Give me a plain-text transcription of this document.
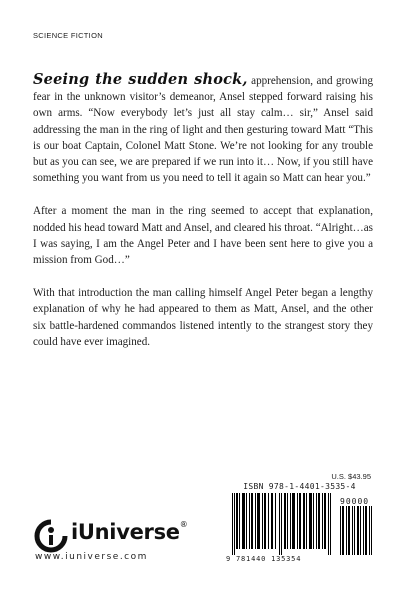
SCIENCE FICTION

Seeing the sudden shock, apprehension, and growing fear in the unknown visitor’s demeanor, Ansel stepped forward raising his own arms. “Now everybody let’s just all stay calm… sir,” Ansel said addressing the man in the ring of light and then gesturing toward Matt “This is our boat Captain, Colonel Matt Stone. We’re not looking for any trouble but as you can see, we are prepared if we run into it… Now, if you still have something you want from us you need to tell it again so Matt can hear you.”

After a moment the man in the ring seemed to accept that explanation, nodded his head toward Matt and Ansel, and cleared his throat. “Alright…as I was saying, I am the Angel Peter and I have been sent here to give you a mission from God…”

With that introduction the man calling himself Angel Peter began a lengthy explanation of why he had appeared to them as Matt, Ansel, and the other six battle-hardened commandos listened intently to the strangest story they could have ever imagined.

U.S. $43.95
ISBN 978-1-4401-3535-4
90000
9 781440 135354
iUniverse®
www.iuniverse.com
